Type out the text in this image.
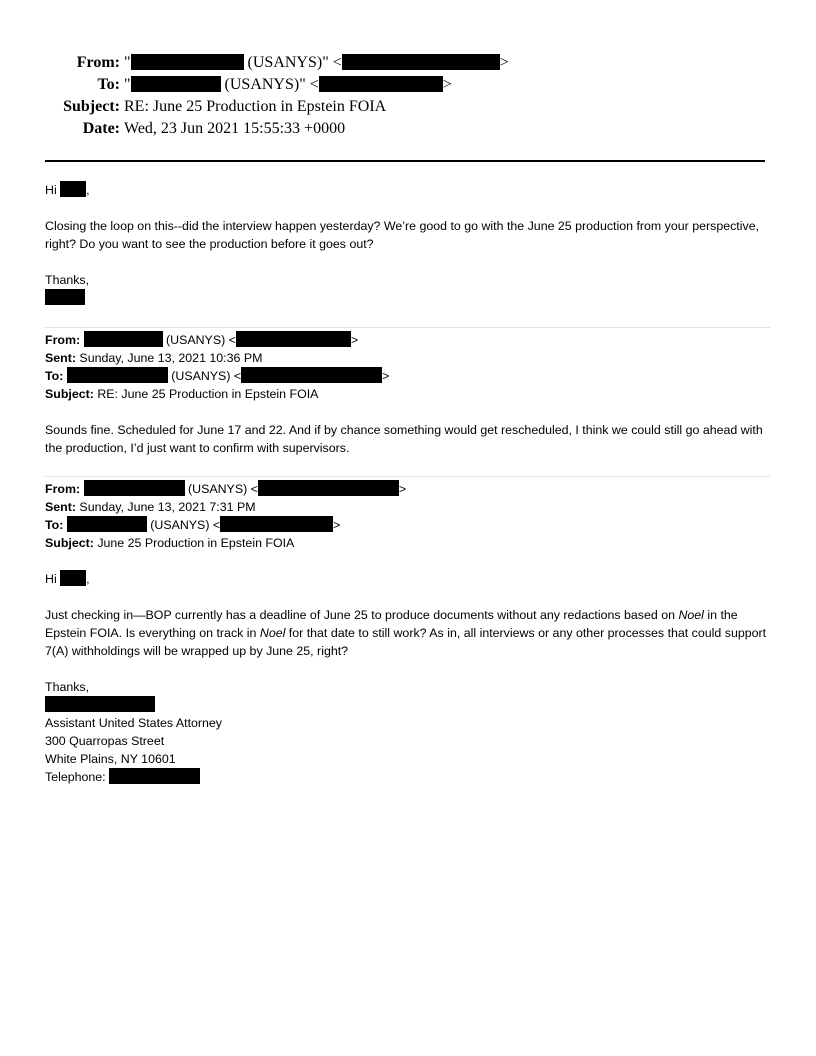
From: "	(USANYS)" <	>
To: "	(USANYS)" <	>
Subject: RE: June 25 Production in Epstein FOIA
Date: Wed, 23 Jun 2021 15:55:33 +0000
Hi ,
Closing the loop on this--did the interview happen yesterday? We’re good to go with the June 25 production from your perspective, right? Do you want to see the production before it goes out?
Thanks,
From:	(USANYS) <	>
Sent: Sunday, June 13, 2021 10:36 PM
To:	(USANYS) <	>
Subject: RE: June 25 Production in Epstein FOIA
Sounds fine. Scheduled for June 17 and 22. And if by chance something would get rescheduled, I think we could still go ahead with the production, I’d just want to confirm with supervisors.
From:	(USANYS) <	>
Sent: Sunday, June 13, 2021 7:31 PM
To:	(USANYS) <	>
Subject: June 25 Production in Epstein FOIA
Hi ,
Just checking in—BOP currently has a deadline of June 25 to produce documents without any redactions based on Noel in the Epstein FOIA. Is everything on track in Noel for that date to still work? As in, all interviews or any other processes that could support 7(A) withholdings will be wrapped up by June 25, right?
Thanks,
Assistant United States Attorney
300 Quarropas Street
White Plains, NY 10601
Telephone:
